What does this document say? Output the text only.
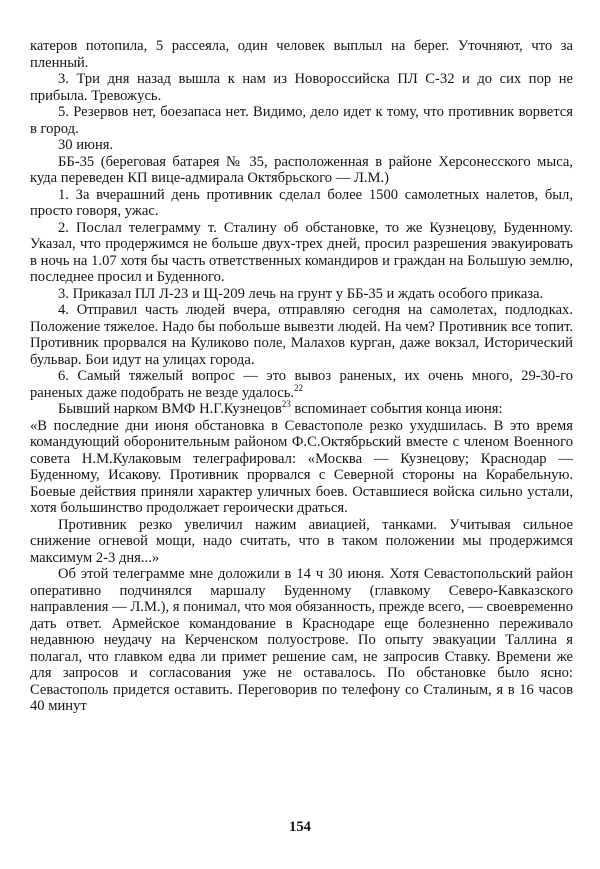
катеров потопила, 5 рассеяла, один человек выплыл на берег. Уточняют, что за пленный.

3. Три дня назад вышла к нам из Новороссийска ПЛ С-32 и до сих пор не прибыла. Тревожусь.

5. Резервов нет, боезапаса нет. Видимо, дело идет к тому, что противник ворвется в город.

30 июня.

ББ-35 (береговая батарея № 35, расположенная в районе Херсонесского мыса, куда переведен КП вице-адмирала Октябрьского — Л.М.)

1. За вчерашний день противник сделал более 1500 самолетных налетов, был, просто говоря, ужас.

2. Послал телеграмму т. Сталину об обстановке, то же Кузнецову, Буденному. Указал, что продержимся не больше двух-трех дней, просил разрешения эвакуировать в ночь на 1.07 хотя бы часть ответственных командиров и граждан на Большую землю, последнее просил и Буденного.

3. Приказал ПЛ Л-23 и Щ-209 лечь на грунт у ББ-35 и ждать особого приказа.

4. Отправил часть людей вчера, отправляю сегодня на самолетах, подлодках. Положение тяжелое. Надо бы побольше вывезти людей. На чем? Противник все топит. Противник прорвался на Куликово поле, Малахов курган, даже вокзал, Исторический бульвар. Бои идут на улицах города.

6. Самый тяжелый вопрос — это вывоз раненых, их очень много, 29-30-го раненых даже подобрать не везде удалось.$^{22}$

Бывший нарком ВМФ Н.Г.Кузнецов$^{23}$ вспоминает события конца июня:

«В последние дни июня обстановка в Севастополе резко ухудшилась. В это время командующий оборонительным районом Ф.С.Октябрьский вместе с членом Военного совета Н.М.Кулаковым телеграфировал: «Москва — Кузнецову; Краснодар — Буденному, Исакову. Противник прорвался с Северной стороны на Корабельную. Боевые действия приняли характер уличных боев. Оставшиеся войска сильно устали, хотя большинство продолжает героически драться.

Противник резко увеличил нажим авиацией, танками. Учитывая сильное снижение огневой мощи, надо считать, что в таком положении мы продержимся максимум 2-3 дня...»

Об этой телеграмме мне доложили в 14 ч 30 июня. Хотя Севастопольский район оперативно подчинялся маршалу Буденному (главкому Северо-Кавказского направления — Л.М.), я понимал, что моя обязанность, прежде всего, — своевременно дать ответ. Армейское командование в Краснодаре еще болезненно переживало недавнюю неудачу на Керченском полуострове. По опыту эвакуации Таллина я полагал, что главком едва ли примет решение сам, не запросив Ставку. Времени же для запросов и согласования уже не оставалось. По обстановке было ясно: Севастополь придется оставить. Переговорив по телефону со Сталиным, я в 16 часов 40 минут

154
